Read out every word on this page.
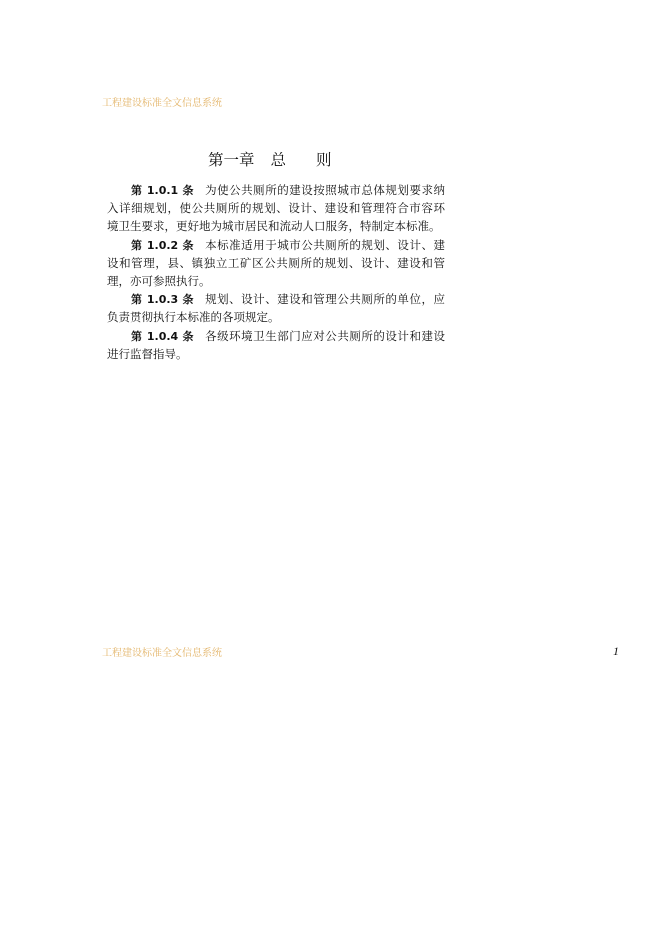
工程建设标准全文信息系统
第一章 总 则
第 1.0.1 条 为使公共厕所的建设按照城市总体规划要求纳
入详细规划，使公共厕所的规划、设计、建设和管理符合市容环
境卫生要求，更好地为城市居民和流动人口服务，特制定本标准。
第 1.0.2 条 本标准适用于城市公共厕所的规划、设计、建
设和管理，县、镇独立工矿区公共厕所的规划、设计、建设和管
理，亦可参照执行。
第 1.0.3 条 规划、设计、建设和管理公共厕所的单位，应
负责贯彻执行本标准的各项规定。
第 1.0.4 条 各级环境卫生部门应对公共厕所的设计和建设
进行监督指导。
工程建设标准全文信息系统	1
